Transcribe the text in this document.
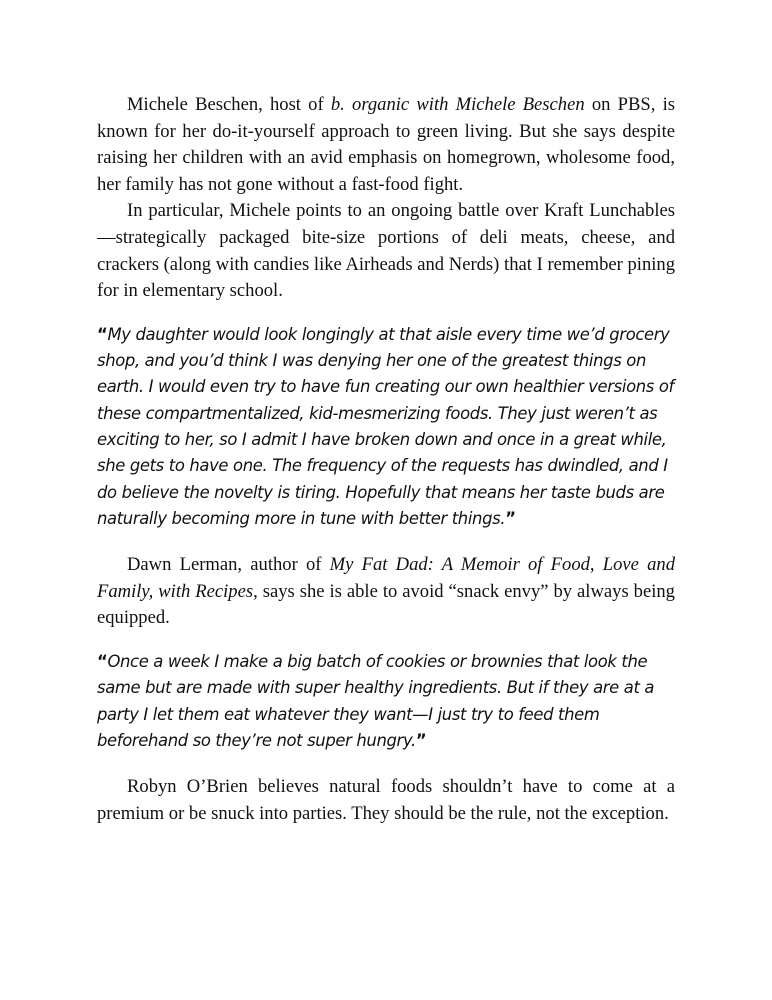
Michele Beschen, host of b. organic with Michele Beschen on PBS, is known for her do-it-yourself approach to green living. But she says despite raising her children with an avid emphasis on homegrown, wholesome food, her family has not gone without a fast-food fight.

In particular, Michele points to an ongoing battle over Kraft Lunchables —strategically packaged bite-size portions of deli meats, cheese, and crackers (along with candies like Airheads and Nerds) that I remember pining for in elementary school.

“My daughter would look longingly at that aisle every time we’d grocery shop, and you’d think I was denying her one of the greatest things on earth. I would even try to have fun creating our own healthier versions of these compartmentalized, kid-mesmerizing foods. They just weren’t as exciting to her, so I admit I have broken down and once in a great while, she gets to have one. The frequency of the requests has dwindled, and I do believe the novelty is tiring. Hopefully that means her taste buds are naturally becoming more in tune with better things.”

Dawn Lerman, author of My Fat Dad: A Memoir of Food, Love and Family, with Recipes, says she is able to avoid “snack envy” by always being equipped.

“Once a week I make a big batch of cookies or brownies that look the same but are made with super healthy ingredients. But if they are at a party I let them eat whatever they want—I just try to feed them beforehand so they’re not super hungry.”

Robyn O’Brien believes natural foods shouldn’t have to come at a premium or be snuck into parties. They should be the rule, not the exception.
